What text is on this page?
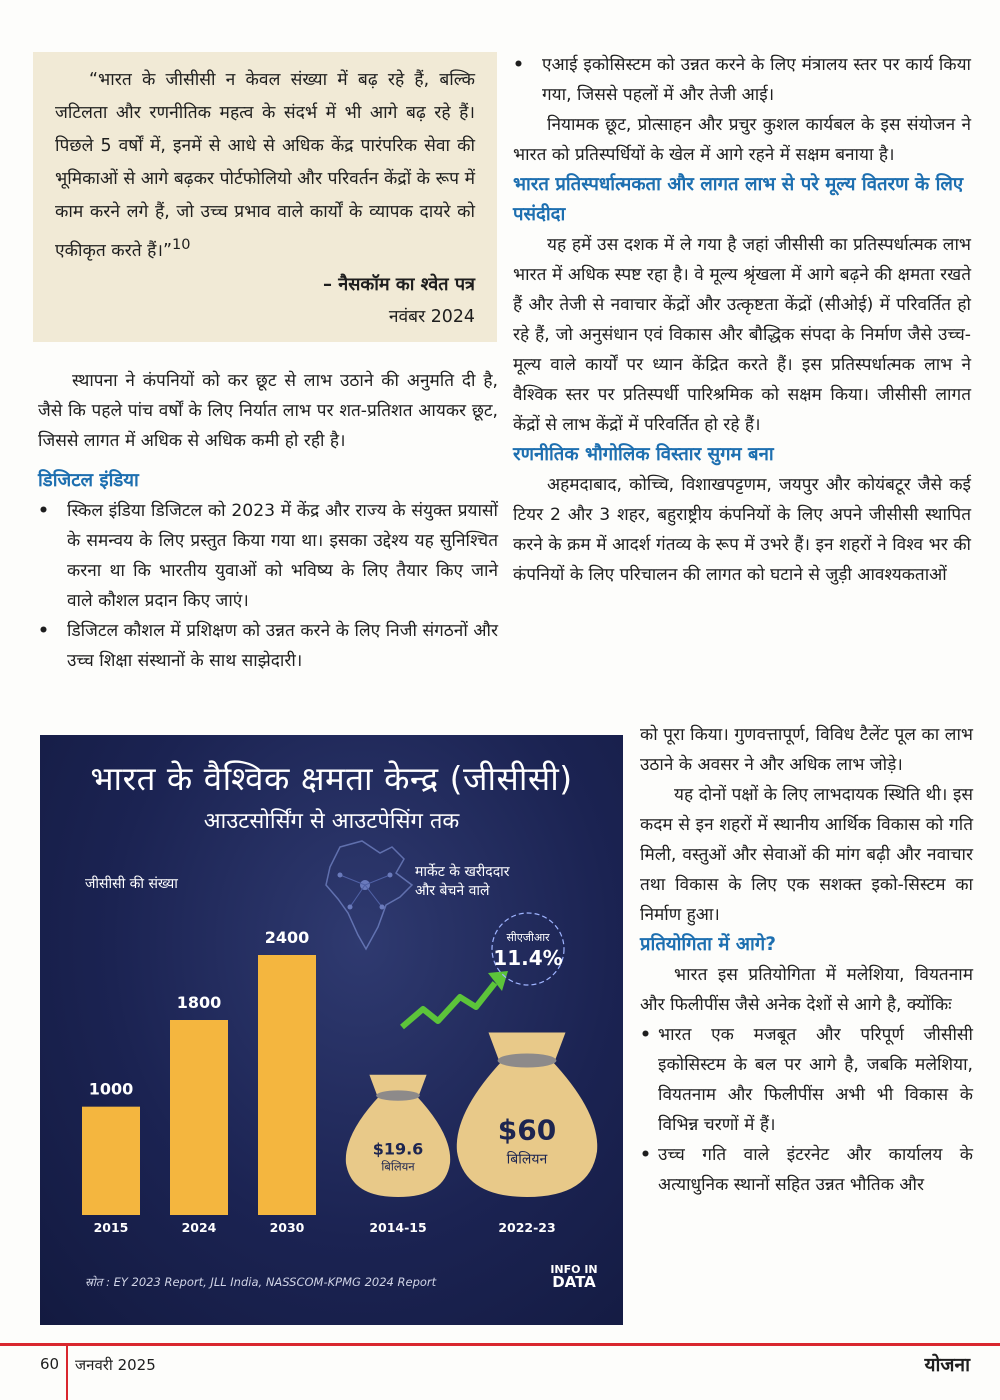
“भारत के जीसीसी न केवल संख्या में बढ़ रहे हैं, बल्कि जटिलता और रणनीतिक महत्व के संदर्भ में भी आगे बढ़ रहे हैं। पिछले 5 वर्षों में, इनमें से आधे से अधिक केंद्र पारंपरिक सेवा की भूमिकाओं से आगे बढ़कर पोर्टफोलियो और परिवर्तन केंद्रों के रूप में काम करने लगे हैं, जो उच्च प्रभाव वाले कार्यों के व्यापक दायरे को एकीकृत करते हैं।”$^{10}$

– नैसकॉम का श्वेत पत्र

नवंबर 2024

स्थापना ने कंपनियों को कर छूट से लाभ उठाने की अनुमति दी है, जैसे कि पहले पांच वर्षों के लिए निर्यात लाभ पर शत-प्रतिशत आयकर छूट, जिससे लागत में अधिक से अधिक कमी हो रही है।

डिजिटल इंडिया

• स्किल इंडिया डिजिटल को 2023 में केंद्र और राज्य के संयुक्त प्रयासों के समन्वय के लिए प्रस्तुत किया गया था। इसका उद्देश्य यह सुनिश्चित करना था कि भारतीय युवाओं को भविष्य के लिए तैयार किए जाने वाले कौशल प्रदान किए जाएं।
• डिजिटल कौशल में प्रशिक्षण को उन्नत करने के लिए निजी संगठनों और उच्च शिक्षा संस्थानों के साथ साझेदारी।
• एआई इकोसिस्टम को उन्नत करने के लिए मंत्रालय स्तर पर कार्य किया गया, जिससे पहलों में और तेजी आई।

नियामक छूट, प्रोत्साहन और प्रचुर कुशल कार्यबल के इस संयोजन ने भारत को प्रतिस्पर्धियों के खेल में आगे रहने में सक्षम बनाया है।

भारत प्रतिस्पर्धात्मकता और लागत लाभ से परे मूल्य वितरण के लिए पसंदीदा

यह हमें उस दशक में ले गया है जहां जीसीसी का प्रतिस्पर्धात्मक लाभ भारत में अधिक स्पष्ट रहा है। वे मूल्य श्रृंखला में आगे बढ़ने की क्षमता रखते हैं और तेजी से नवाचार केंद्रों और उत्कृष्टता केंद्रों (सीओई) में परिवर्तित हो रहे हैं, जो अनुसंधान एवं विकास और बौद्धिक संपदा के निर्माण जैसे उच्च-मूल्य वाले कार्यों पर ध्यान केंद्रित करते हैं। इस प्रतिस्पर्धात्मक लाभ ने वैश्विक स्तर पर प्रतिस्पर्धी पारिश्रमिक को सक्षम किया। जीसीसी लागत केंद्रों से लाभ केंद्रों में परिवर्तित हो रहे हैं।

रणनीतिक भौगोलिक विस्तार सुगम बना

अहमदाबाद, कोच्चि, विशाखपट्टणम, जयपुर और कोयंबटूर जैसे कई टियर 2 और 3 शहर, बहुराष्ट्रीय कंपनियों के लिए अपने जीसीसी स्थापित करने के क्रम में आदर्श गंतव्य के रूप में उभरे हैं। इन शहरों ने विश्व भर की कंपनियों के लिए परिचालन की लागत को घटाने से जुड़ी आवश्यकताओं

को पूरा किया। गुणवत्तापूर्ण, विविध टैलेंट पूल का लाभ उठाने के अवसर ने और अधिक लाभ जोड़े।

यह दोनों पक्षों के लिए लाभदायक स्थिति थी। इस कदम से इन शहरों में स्थानीय आर्थिक विकास को गति मिली, वस्तुओं और सेवाओं की मांग बढ़ी और नवाचार तथा विकास के लिए एक सशक्त इको-सिस्टम का निर्माण हुआ।

प्रतियोगिता में आगे?

भारत इस प्रतियोगिता में मलेशिया, वियतनाम और फिलीपींस जैसे अनेक देशों से आगे है, क्योंकिः

• भारत एक मजबूत और परिपूर्ण जीसीसी इकोसिस्टम के बल पर आगे है, जबकि मलेशिया, वियतनाम और फिलीपींस अभी भी विकास के विभिन्न चरणों में हैं।
• उच्च गति वाले इंटरनेट और कार्यालय के अत्याधुनिक स्थानों सहित उन्नत भौतिक और
1000
2015
1800
2024
2400
2030
$19.6
बिलियन
2014-15
$60
बिलियन
2022-23
सीएजीआर
11.4%

भारत के वैश्विक क्षमता केन्द्र (जीसीसी)

आउटसोर्सिंग से आउटपेसिंग तक

जीसीसी की संख्या

मार्केट के खरीददार

और बेचने वाले

स्रोत : EY 2023 Report, JLL India, NASSCOM-KPMG 2024 Report

INFO IN
DATA

60 जनवरी 2025	योजना
